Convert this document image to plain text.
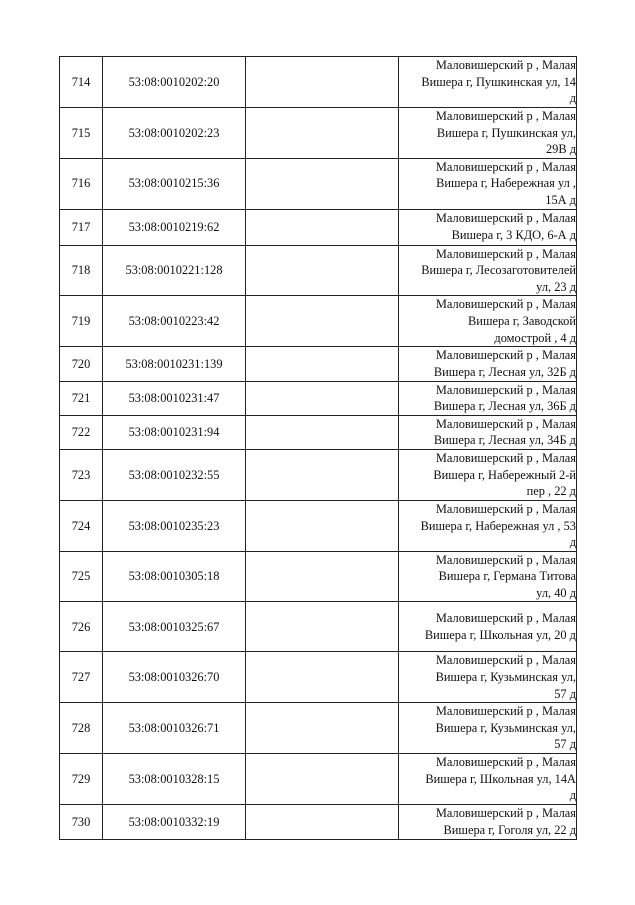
714	53:08:0010202:20		Маловишерский р , Малая
Вишера г, Пушкинская ул, 14
д

715	53:08:0010202:23		Маловишерский р , Малая
Вишера г, Пушкинская ул,
29В д

716	53:08:0010215:36		Маловишерский р , Малая
Вишера г, Набережная ул ,
15А д

717	53:08:0010219:62		Маловишерский р , Малая
Вишера г, 3 КДО, 6-А д

718	53:08:0010221:128		Маловишерский р , Малая
Вишера г, Лесозаготовителей
ул, 23 д

719	53:08:0010223:42		Маловишерский р , Малая
Вишера г, Заводской
домострой , 4 д

720	53:08:0010231:139		Маловишерский р , Малая
Вишера г, Лесная ул, 32Б д

721	53:08:0010231:47		Маловишерский р , Малая
Вишера г, Лесная ул, 36Б д

722	53:08:0010231:94		Маловишерский р , Малая
Вишера г, Лесная ул, 34Б д

723	53:08:0010232:55		Маловишерский р , Малая
Вишера г, Набережный 2-й
пер , 22 д

724	53:08:0010235:23		Маловишерский р , Малая
Вишера г, Набережная ул , 53
д

725	53:08:0010305:18		Маловишерский р , Малая
Вишера г, Германа Титова
ул, 40 д

726	53:08:0010325:67		Маловишерский р , Малая
Вишера г, Школьная ул, 20 д

727	53:08:0010326:70		Маловишерский р , Малая
Вишера г, Кузьминская ул,
57 д

728	53:08:0010326:71		Маловишерский р , Малая
Вишера г, Кузьминская ул,
57 д

729	53:08:0010328:15		Маловишерский р , Малая
Вишера г, Школьная ул, 14А
д

730	53:08:0010332:19		Маловишерский р , Малая
Вишера г, Гоголя ул, 22 д
